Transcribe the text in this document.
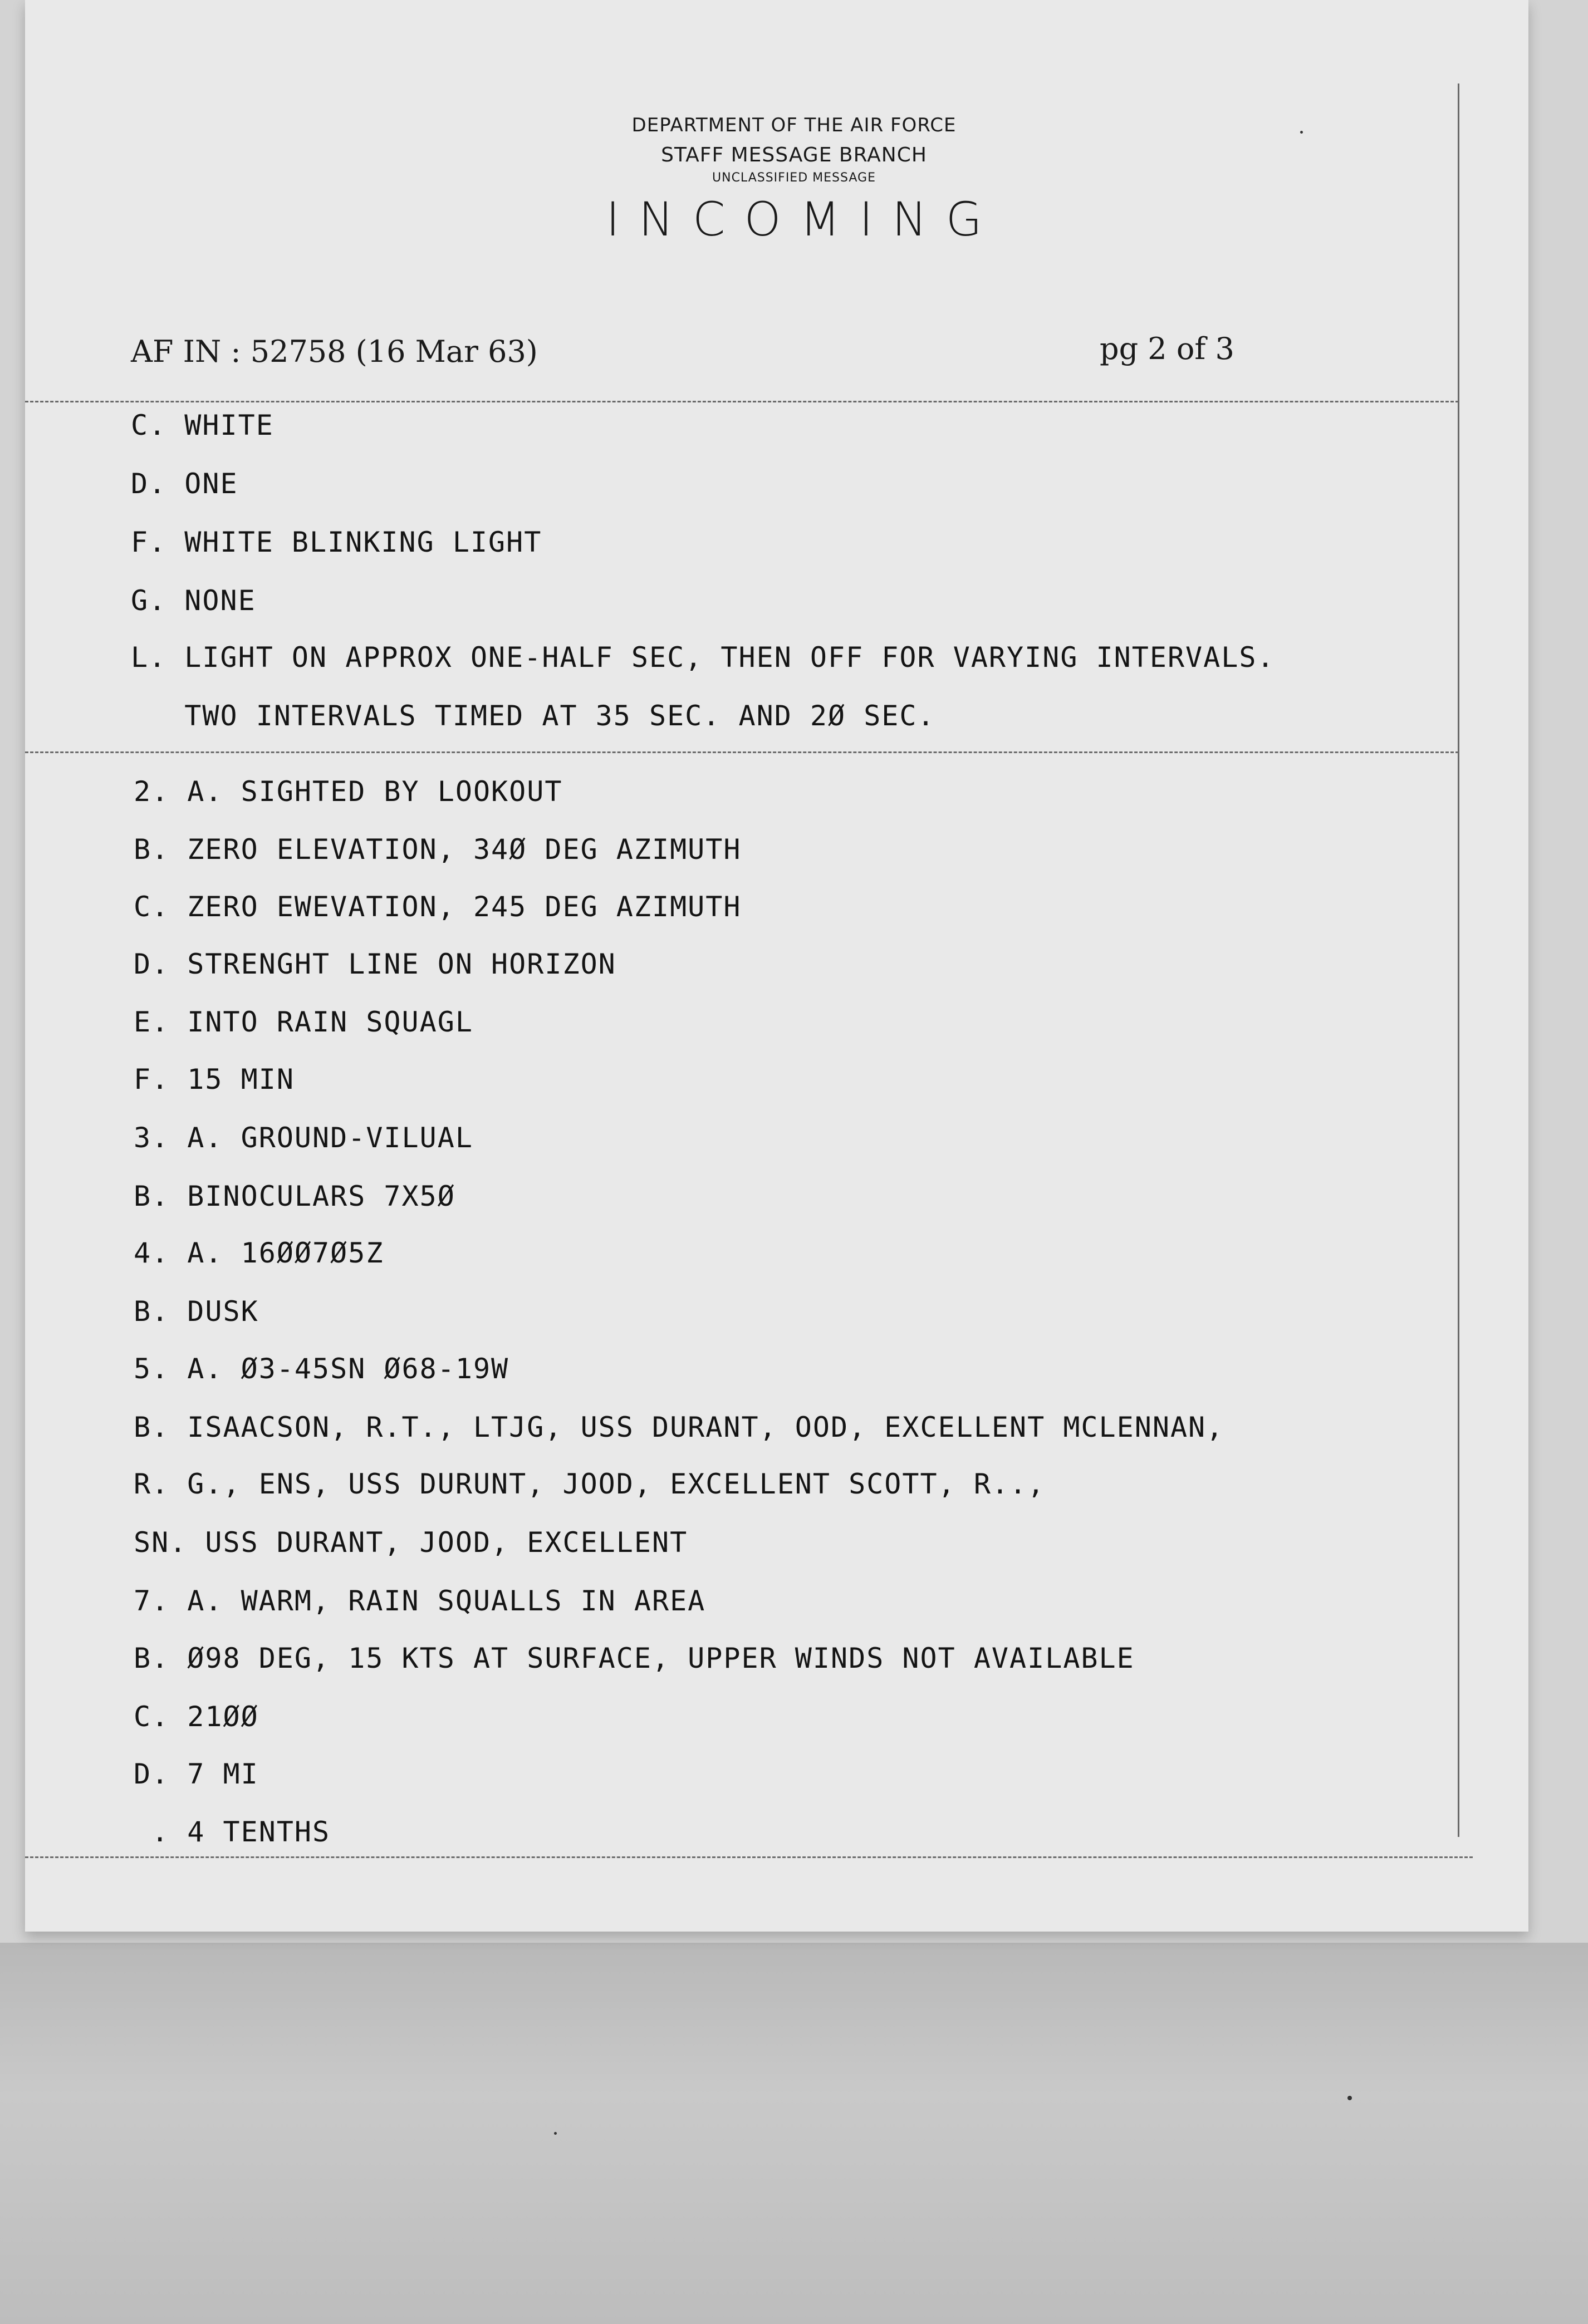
DEPARTMENT OF THE AIR FORCE
STAFF MESSAGE BRANCH
UNCLASSIFIED MESSAGE
INCOMING
AF IN : 52758 (16 Mar 63)	pg 2 of 3
C. WHITE
D. ONE
F. WHITE BLINKING LIGHT
G. NONE
L. LIGHT ON APPROX ONE-HALF SEC, THEN OFF FOR VARYING INTERVALS.
TWO INTERVALS TIMED AT 35 SEC. AND 2Ø SEC.
2. A. SIGHTED BY LOOKOUT
B. ZERO ELEVATION, 34Ø DEG AZIMUTH
C. ZERO EWEVATION, 245 DEG AZIMUTH
D. STRENGHT LINE ON HORIZON
E. INTO RAIN SQUAGL
F. 15 MIN
3. A. GROUND-VILUAL
B. BINOCULARS 7X5Ø
4. A. 16ØØ7Ø5Z
B. DUSK
5. A. Ø3-45SN Ø68-19W
B. ISAACSON, R.T., LTJG, USS DURANT, OOD, EXCELLENT MCLENNAN,
R. G., ENS, USS DURUNT, JOOD, EXCELLENT SCOTT, R..,
SN. USS DURANT, JOOD, EXCELLENT
7. A. WARM, RAIN SQUALLS IN AREA
B. Ø98 DEG, 15 KTS AT SURFACE, UPPER WINDS NOT AVAILABLE
C. 21ØØ
D. 7 MI
. 4 TENTHS
